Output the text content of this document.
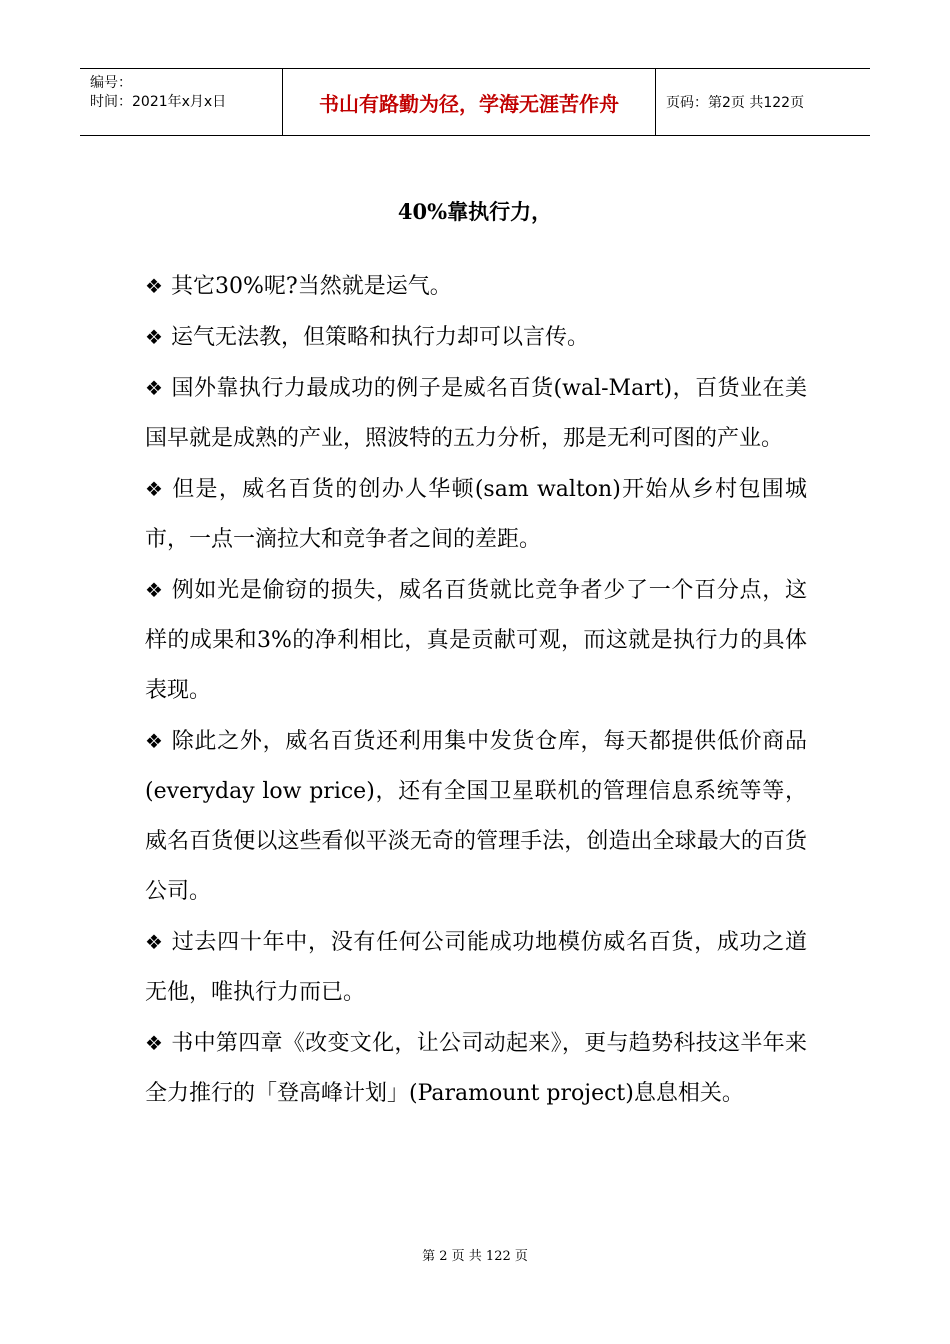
编号：
时间：2021年x月x日	书山有路勤为径，学海无涯苦作舟	页码：第2页 共122页
40%靠执行力，

❖ 其它30%呢?当然就是运气。

❖ 运气无法教，但策略和执行力却可以言传。

❖ 国外靠执行力最成功的例子是威名百货(wal-Mart)，百货业在美国早就是成熟的产业，照波特的五力分析，那是无利可图的产业。

❖ 但是，威名百货的创办人华顿(sam walton)开始从乡村包围城市，一点一滴拉大和竞争者之间的差距。

❖ 例如光是偷窃的损失，威名百货就比竞争者少了一个百分点，这样的成果和3%的净利相比，真是贡献可观，而这就是执行力的具体表现。

❖ 除此之外，威名百货还利用集中发货仓库，每天都提供低价商品(everyday low price)，还有全国卫星联机的管理信息系统等等，威名百货便以这些看似平淡无奇的管理手法，创造出全球最大的百货公司。

❖ 过去四十年中，没有任何公司能成功地模仿威名百货，成功之道无他，唯执行力而已。

❖ 书中第四章《改变文化，让公司动起来》，更与趋势科技这半年来全力推行的「登高峰计划」(Paramount project)息息相关。

第 2 页 共 122 页
